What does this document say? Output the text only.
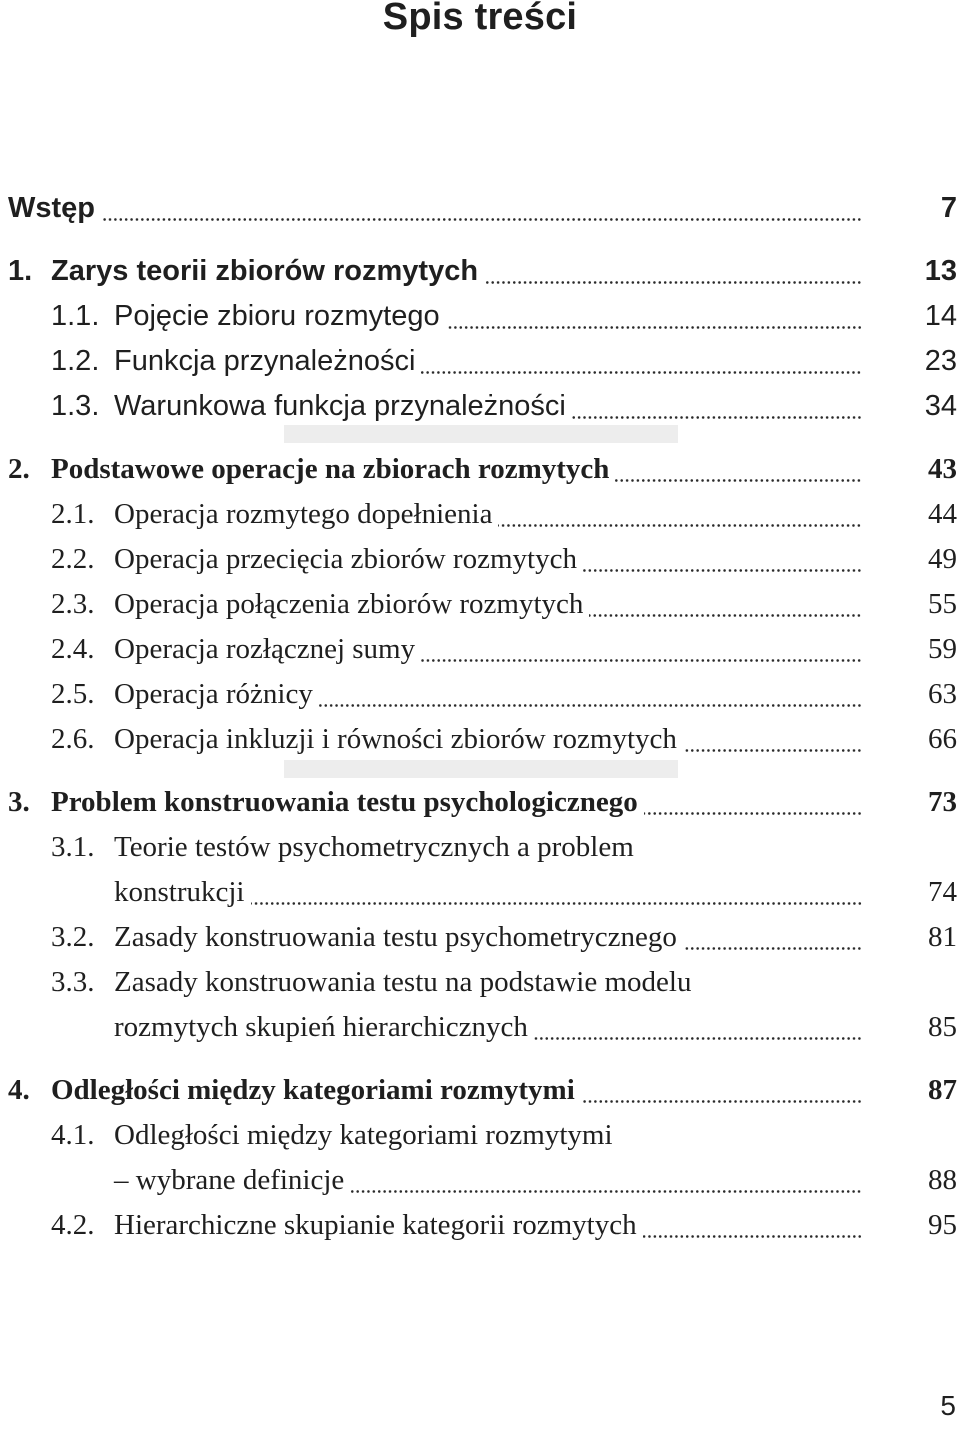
Spis treści
Wstęp	7
1. Zarys teorii zbiorów rozmytych	13
1.1. Pojęcie zbioru rozmytego	14
1.2. Funkcja przynależności	23
1.3. Warunkowa funkcja przynależności	34
2. Podstawowe operacje na zbiorach rozmytych	43
2.1. Operacja rozmytego dopełnienia	44
2.2. Operacja przecięcia zbiorów rozmytych	49
2.3. Operacja połączenia zbiorów rozmytych	55
2.4. Operacja rozłącznej sumy	59
2.5. Operacja różnicy	63
2.6. Operacja inkluzji i równości zbiorów rozmytych	66
3. Problem konstruowania testu psychologicznego	73
3.1. Teorie testów psychometrycznych a problem
konstrukcji	74
3.2. Zasady konstruowania testu psychometrycznego	81
3.3. Zasady konstruowania testu na podstawie modelu
rozmytych skupień hierarchicznych	85
4. Odległości między kategoriami rozmytymi	87
4.1. Odległości między kategoriami rozmytymi
– wybrane definicje	88
4.2. Hierarchiczne skupianie kategorii rozmytych	95
5
